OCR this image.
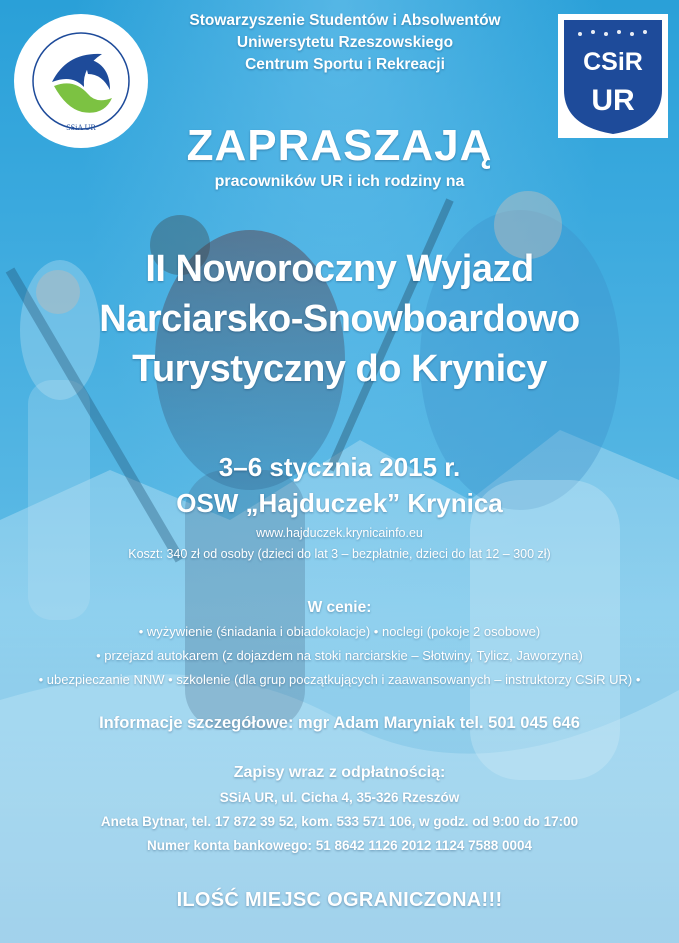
SSiA UR
CSiR
UR
Stowarzyszenie Studentów i Absolwentów
Uniwersytetu Rzeszowskiego
Centrum Sportu i Rekreacji
ZAPRASZAJĄ
pracowników UR i ich rodziny na
II Noworoczny Wyjazd
Narciarsko-Snowboardowo
Turystyczny do Krynicy
3–6 stycznia 2015 r.
OSW „Hajduczek” Krynica
www.hajduczek.krynicainfo.eu
Koszt: 340 zł od osoby (dzieci do lat 3 – bezpłatnie, dzieci do lat 12 – 300 zł)
W cenie:
• wyżywienie (śniadania i obiadokolacje) • noclegi (pokoje 2 osobowe)
• przejazd autokarem (z dojazdem na stoki narciarskie – Słotwiny, Tylicz, Jaworzyna)
• ubezpieczanie NNW • szkolenie (dla grup początkujących i zaawansowanych – instruktorzy CSiR UR) •
Informacje szczegółowe: mgr Adam Maryniak tel. 501 045 646
Zapisy wraz z odpłatnością:
SSiA UR, ul. Cicha 4, 35-326 Rzeszów
Aneta Bytnar, tel. 17 872 39 52, kom. 533 571 106, w godz. od 9:00 do 17:00
Numer konta bankowego: 51 8642 1126 2012 1124 7588 0004
ILOŚĆ MIEJSC OGRANICZONA!!!
